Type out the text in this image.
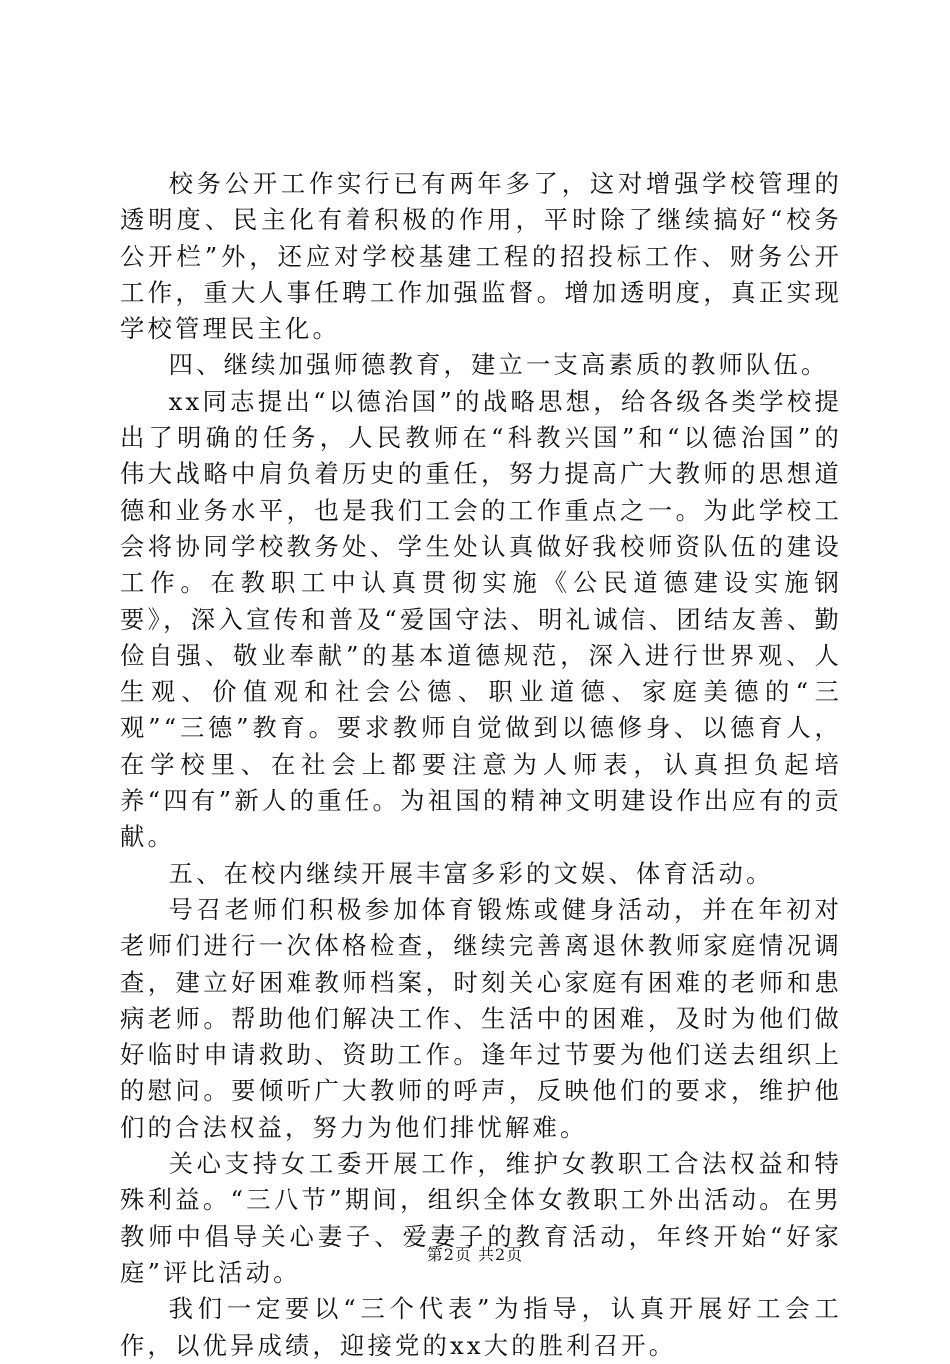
校务公开工作实行已有两年多了，这对增强学校管理的透明度、民主化有着积极的作用，平时除了继续搞好“校务公开栏”外，还应对学校基建工程的招投标工作、财务公开工作，重大人事任聘工作加强监督。增加透明度，真正实现学校管理民主化。

四、继续加强师德教育，建立一支高素质的教师队伍。

xx同志提出“以德治国”的战略思想，给各级各类学校提出了明确的任务，人民教师在“科教兴国”和“以德治国”的伟大战略中肩负着历史的重任，努力提高广大教师的思想道德和业务水平，也是我们工会的工作重点之一。为此学校工会将协同学校教务处、学生处认真做好我校师资队伍的建设工作。在教职工中认真贯彻实施《公民道德建设实施钢要》，深入宣传和普及“爱国守法、明礼诚信、团结友善、勤俭自强、敬业奉献”的基本道德规范，深入进行世界观、人生观、价值观和社会公德、职业道德、家庭美德的“三观”“三德”教育。要求教师自觉做到以德修身、以德育人，在学校里、在社会上都要注意为人师表，认真担负起培养“四有”新人的重任。为祖国的精神文明建设作出应有的贡献。

五、在校内继续开展丰富多彩的文娱、体育活动。

号召老师们积极参加体育锻炼或健身活动，并在年初对老师们进行一次体格检查，继续完善离退休教师家庭情况调查，建立好困难教师档案，时刻关心家庭有困难的老师和患病老师。帮助他们解决工作、生活中的困难，及时为他们做好临时申请救助、资助工作。逢年过节要为他们送去组织上的慰问。要倾听广大教师的呼声，反映他们的要求，维护他们的合法权益，努力为他们排忧解难。

关心支持女工委开展工作，维护女教职工合法权益和特殊利益。“三八节”期间，组织全体女教职工外出活动。在男教师中倡导关心妻子、爱妻子的教育活动，年终开始“好家庭”评比活动。

我们一定要以“三个代表”为指导，认真开展好工会工作，以优异成绩，迎接党的xx大的胜利召开。

第2页 共2页
